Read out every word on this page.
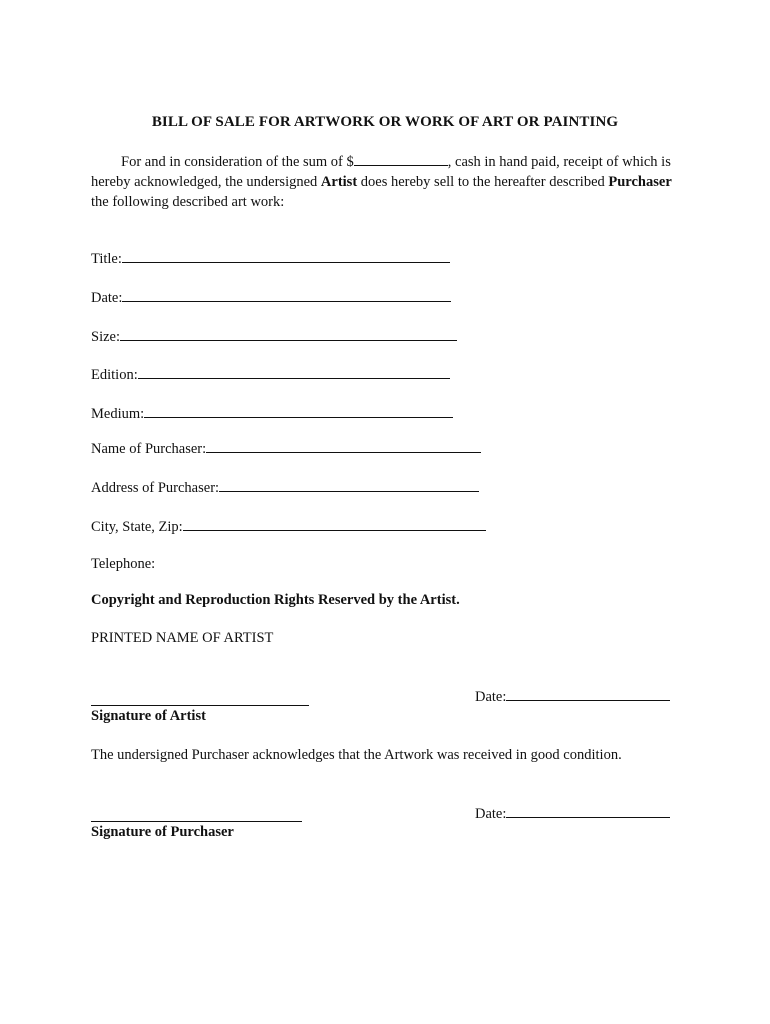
BILL OF SALE FOR ARTWORK OR WORK OF ART OR PAINTING
For and in consideration of the sum of $	, cash in hand paid, receipt of which is hereby acknowledged, the undersigned Artist does hereby sell to the hereafter described Purchaser the following described art work:
Title:
Date:
Size:
Edition:
Medium:
Name of Purchaser:
Address of Purchaser:
City, State, Zip:
Telephone:
Copyright and Reproduction Rights Reserved by the Artist.
PRINTED NAME OF ARTIST
Date:
Signature of Artist
The undersigned Purchaser acknowledges that the Artwork was received in good condition.
Date:
Signature of Purchaser
